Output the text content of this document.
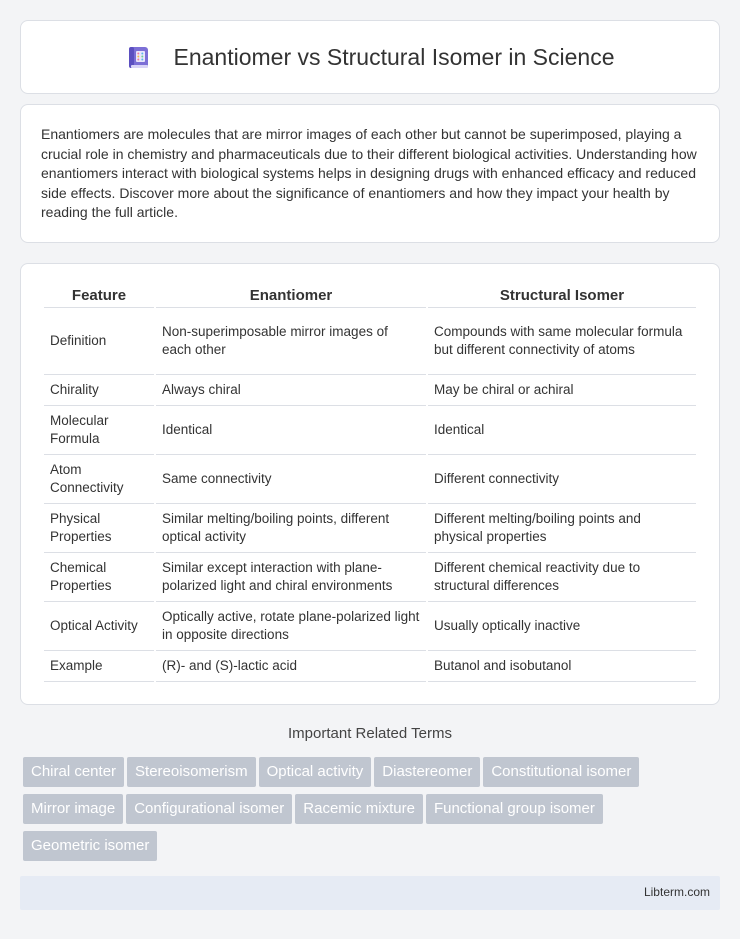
Enantiomer vs Structural Isomer in Science

Enantiomers are molecules that are mirror images of each other but cannot be superimposed, playing a crucial role in chemistry and pharmaceuticals due to their different biological activities. Understanding how enantiomers interact with biological systems helps in designing drugs with enhanced efficacy and reduced side effects. Discover more about the significance of enantiomers and how they impact your health by reading the full article.

Feature	Enantiomer	Structural Isomer
Definition	Non-superimposable mirror images of each other	Compounds with same molecular formula but different connectivity of atoms
Chirality	Always chiral	May be chiral or achiral
Molecular Formula	Identical	Identical
Atom Connectivity	Same connectivity	Different connectivity
Physical Properties	Similar melting/boiling points, different optical activity	Different melting/boiling points and physical properties
Chemical Properties	Similar except interaction with plane-polarized light and chiral environments	Different chemical reactivity due to structural differences
Optical Activity	Optically active, rotate plane-polarized light in opposite directions	Usually optically inactive
Example	(R)- and (S)-lactic acid	Butanol and isobutanol
Important Related Terms
Chiral center Stereoisomerism Optical activity Diastereomer Constitutional isomerMirror image Configurational isomer Racemic mixture Functional group isomerGeometric isomer
Libterm.com
